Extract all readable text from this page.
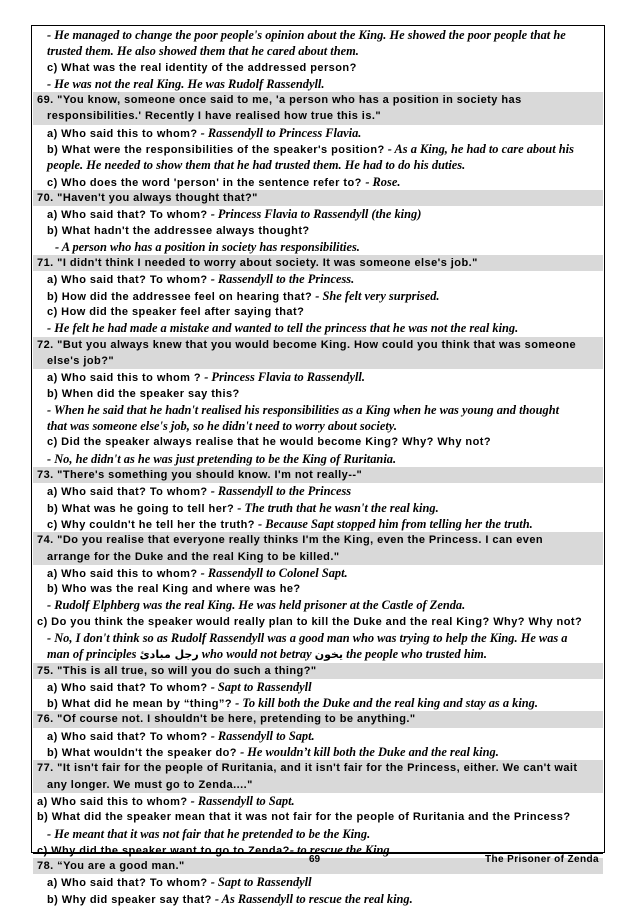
- He managed to change the poor people's opinion about the King. He showed the poor people that he
trusted them. He also showed them that he cared about them.
c) What was the real identity of the addressed person?
- He was not the real King. He was Rudolf Rassendyll.
69. "You know, someone once said to me, 'a person who has a position in society has
responsibilities.' Recently I have realised how true this is."
a) Who said this to whom? - Rassendyll to Princess Flavia.
b) What were the responsibilities of the speaker's position? - As a King, he had to care about his
people. He needed to show them that he had trusted them. He had to do his duties.
c) Who does the word 'person' in the sentence refer to? - Rose.
70. "Haven't you always thought that?"
a) Who said that? To whom? - Princess Flavia to Rassendyll (the king)
b) What hadn't the addressee always thought?
- A person who has a position in society has responsibilities.
71. "I didn't think I needed to worry about society. It was someone else's job."
a) Who said that? To whom? - Rassendyll to the Princess.
b) How did the addressee feel on hearing that? - She felt very surprised.
c) How did the speaker feel after saying that?
- He felt he had made a mistake and wanted to tell the princess that he was not the real king.
72. "But you always knew that you would become King. How could you think that was someone
else's job?"
a) Who said this to whom ? - Princess Flavia to Rassendyll.
b) When did the speaker say this?
- When he said that he hadn't realised his responsibilities as a King when he was young and thought
that was someone else's job, so he didn't need to worry about society.
c) Did the speaker always realise that he would become King? Why? Why not?
- No, he didn't as he was just pretending to be the King of Ruritania.
73. "There's something you should know. I'm not really--"
a) Who said that? To whom? - Rassendyll to the Princess
b) What was he going to tell her? - The truth that he wasn't the real king.
c) Why couldn't he tell her the truth? - Because Sapt stopped him from telling her the truth.
74. "Do you realise that everyone really thinks I'm the King, even the Princess. I can even
arrange for the Duke and the real King to be killed."
a) Who said this to whom? - Rassendyll to Colonel Sapt.
b) Who was the real King and where was he?
- Rudolf Elphberg was the real King. He was held prisoner at the Castle of Zenda.
c) Do you think the speaker would really plan to kill the Duke and the real King? Why? Why not?
- No, I don't think so as Rudolf Rassendyll was a good man who was trying to help the King. He was a
man of principles رجل مبادئ who would not betray يخون the people who trusted him.
75. "This is all true, so will you do such a thing?"
a) Who said that? To whom? - Sapt to Rassendyll
b) What did he mean by “thing”? - To kill both the Duke and the real king and stay as a king.
76. "Of course not. I shouldn't be here, pretending to be anything."
a) Who said that? To whom? - Rassendyll to Sapt.
b) What wouldn't the speaker do? - He wouldn’t kill both the Duke and the real king.
77. "It isn't fair for the people of Ruritania, and it isn't fair for the Princess, either. We can't wait
any longer. We must go to Zenda...."
a) Who said this to whom? - Rassendyll to Sapt.
b) What did the speaker mean that it was not fair for the people of Ruritania and the Princess?
- He meant that it was not fair that he pretended to be the King.
c) Why did the speaker want to go to Zenda?- to rescue the King.
78. “You are a good man."
a) Who said that? To whom? - Sapt to Rassendyll
b) Why did speaker say that? - As Rassendyll to rescue the real king.
69	The Prisoner of Zenda
